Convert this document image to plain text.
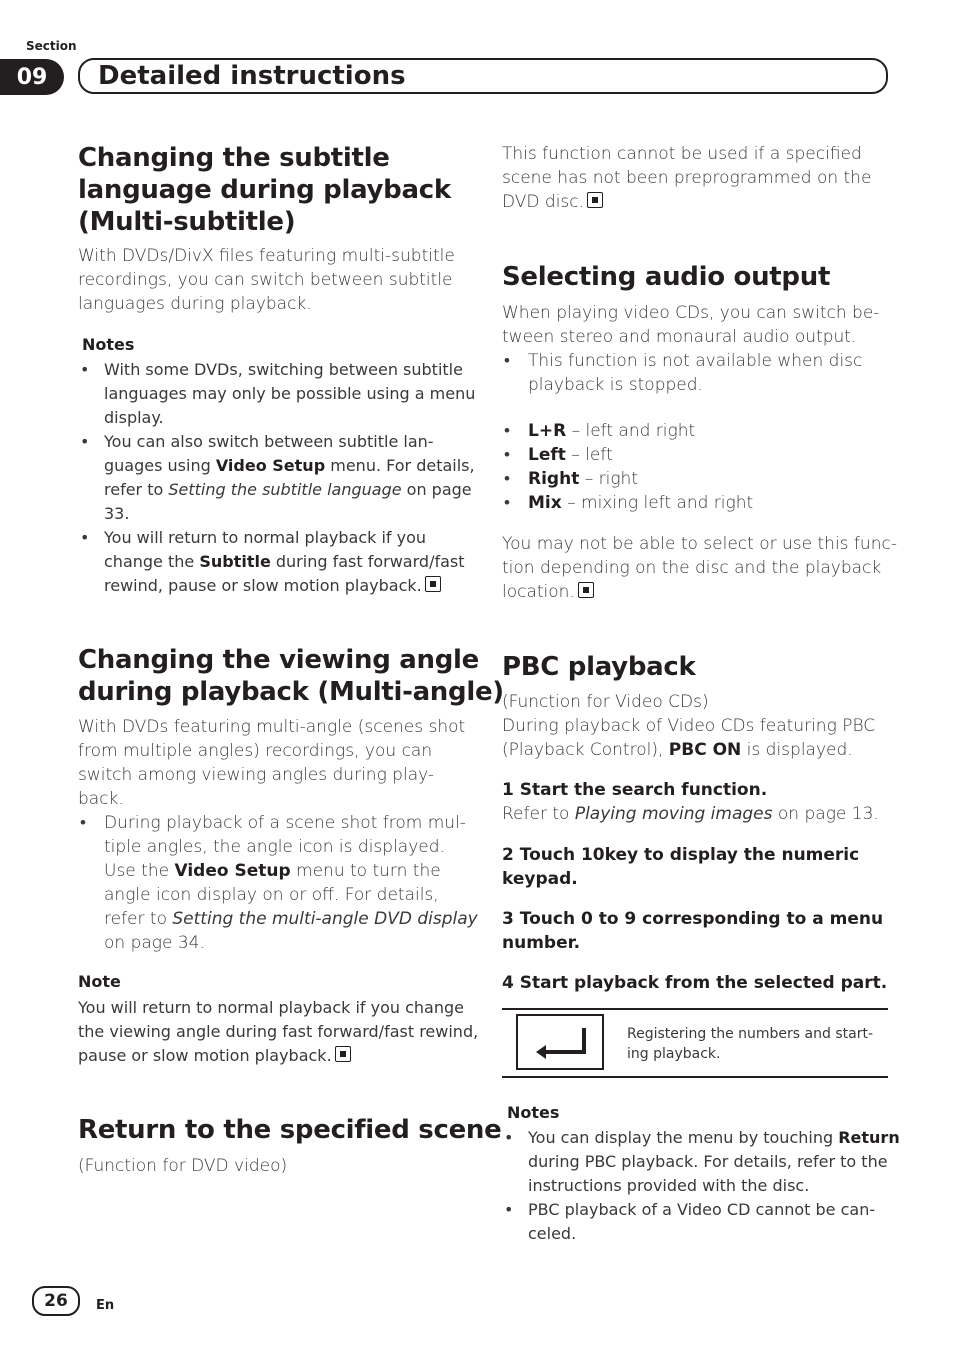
Section
09	Detailed instructions
Changing the subtitle
language during playback
(Multi-subtitle)
With DVDs/DivX files featuring multi-subtitle
recordings, you can switch between subtitle
languages during playback.
Notes
• With some DVDs, switching between subtitle
languages may only be possible using a menu
display.
• You can also switch between subtitle lan-
guages using Video Setup menu. For details,
refer to Setting the subtitle language on page
33.
• You will return to normal playback if you
change the Subtitle during fast forward/fast
rewind, pause or slow motion playback.
Changing the viewing angle
during playback (Multi-angle)
With DVDs featuring multi-angle (scenes shot
from multiple angles) recordings, you can
switch among viewing angles during play-
back.
• During playback of a scene shot from mul-
tiple angles, the angle icon is displayed.
Use the Video Setup menu to turn the
angle icon display on or off. For details,
refer to Setting the multi-angle DVD display
on page 34.
Note
You will return to normal playback if you change
the viewing angle during fast forward/fast rewind,
pause or slow motion playback.
Return to the specified scene
(Function for DVD video)
This function cannot be used if a specified
scene has not been preprogrammed on the
DVD disc.
Selecting audio output
When playing video CDs, you can switch be-
tween stereo and monaural audio output.
• This function is not available when disc
playback is stopped.
• L+R – left and right
• Left – left
• Right – right
• Mix – mixing left and right
You may not be able to select or use this func-
tion depending on the disc and the playback
location.
PBC playback
(Function for Video CDs)
During playback of Video CDs featuring PBC
(Playback Control), PBC ON is displayed.
1 Start the search function.
Refer to Playing moving images on page 13.
2 Touch 10key to display the numeric
keypad.
3 Touch 0 to 9 corresponding to a menu
number.
4 Start playback from the selected part.
Registering the numbers and start-
ing playback.
Notes
• You can display the menu by touching Return
during PBC playback. For details, refer to the
instructions provided with the disc.
• PBC playback of a Video CD cannot be can-
celed.
26	En
